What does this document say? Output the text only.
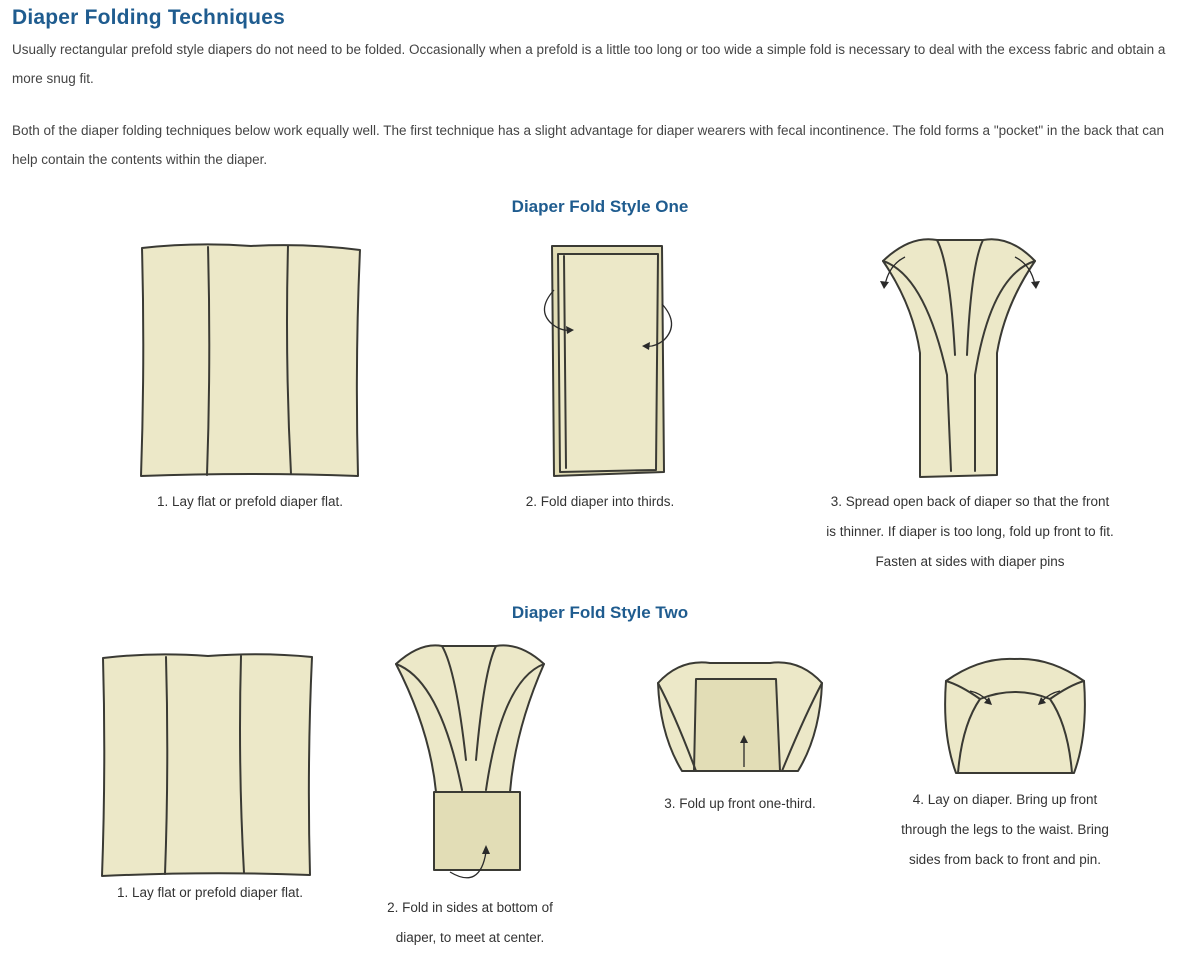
Diaper Folding Techniques
Usually rectangular prefold style diapers do not need to be folded. Occasionally when a prefold is a little too long or too wide a simple fold is necessary to deal with the excess fabric and obtain a more snug fit.
Both of the diaper folding techniques below work equally well. The first technique has a slight advantage for diaper wearers with fecal incontinence. The fold forms a "pocket" in the back that can help contain the contents within the diaper.
Diaper Fold Style One
1. Lay flat or prefold diaper flat.	2. Fold diaper into thirds.	3. Spread open back of diaper so that the front
is thinner. If diaper is too long, fold up front to fit.
Fasten at sides with diaper pins
Diaper Fold Style Two
1. Lay flat or prefold diaper flat.
2. Fold in sides at bottom of
diaper, to meet at center.
3. Fold up front one-third.	4. Lay on diaper. Bring up front
through the legs to the waist. Bring
sides from back to front and pin.
